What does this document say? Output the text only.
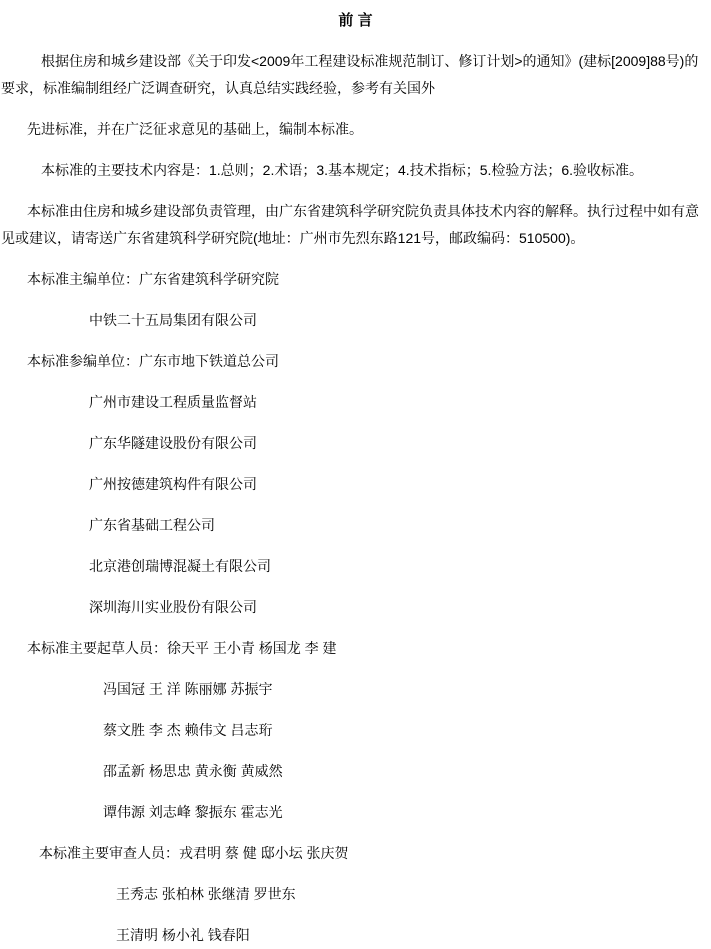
前 言
根据住房和城乡建设部《关于印发<2009年工程建设标准规范制订、修订计划>的通知》(建标[2009]88号)的
要求，标准编制组经广泛调查研究，认真总结实践经验，参考有关国外
先进标准，并在广泛征求意见的基础上，编制本标准。
本标准的主要技术内容是：1.总则；2.术语；3.基本规定；4.技术指标；5.检验方法；6.验收标准。
本标准由住房和城乡建设部负责管理，由广东省建筑科学研究院负责具体技术内容的解释。执行过程中如有意
见或建议，请寄送广东省建筑科学研究院(地址：广州市先烈东路121号，邮政编码：510500)。
本标准主编单位：广东省建筑科学研究院
中铁二十五局集团有限公司
本标准参编单位：广东市地下铁道总公司
广州市建设工程质量监督站
广东华隧建设股份有限公司
广州按德建筑构件有限公司
广东省基础工程公司
北京港创瑞博混凝土有限公司
深圳海川实业股份有限公司
本标准主要起草人员：徐天平 王小青 杨国龙 李 建
冯国冠 王 洋 陈丽娜 苏振宇
蔡文胜 李 杰 赖伟文 吕志珩
邵孟新 杨思忠 黄永衡 黄威然
谭伟源 刘志峰 黎振东 霍志光
本标准主要审查人员：戎君明 蔡 健 邸小坛 张庆贺
王秀志 张柏林 张继清 罗世东
王清明 杨小礼 钱春阳
